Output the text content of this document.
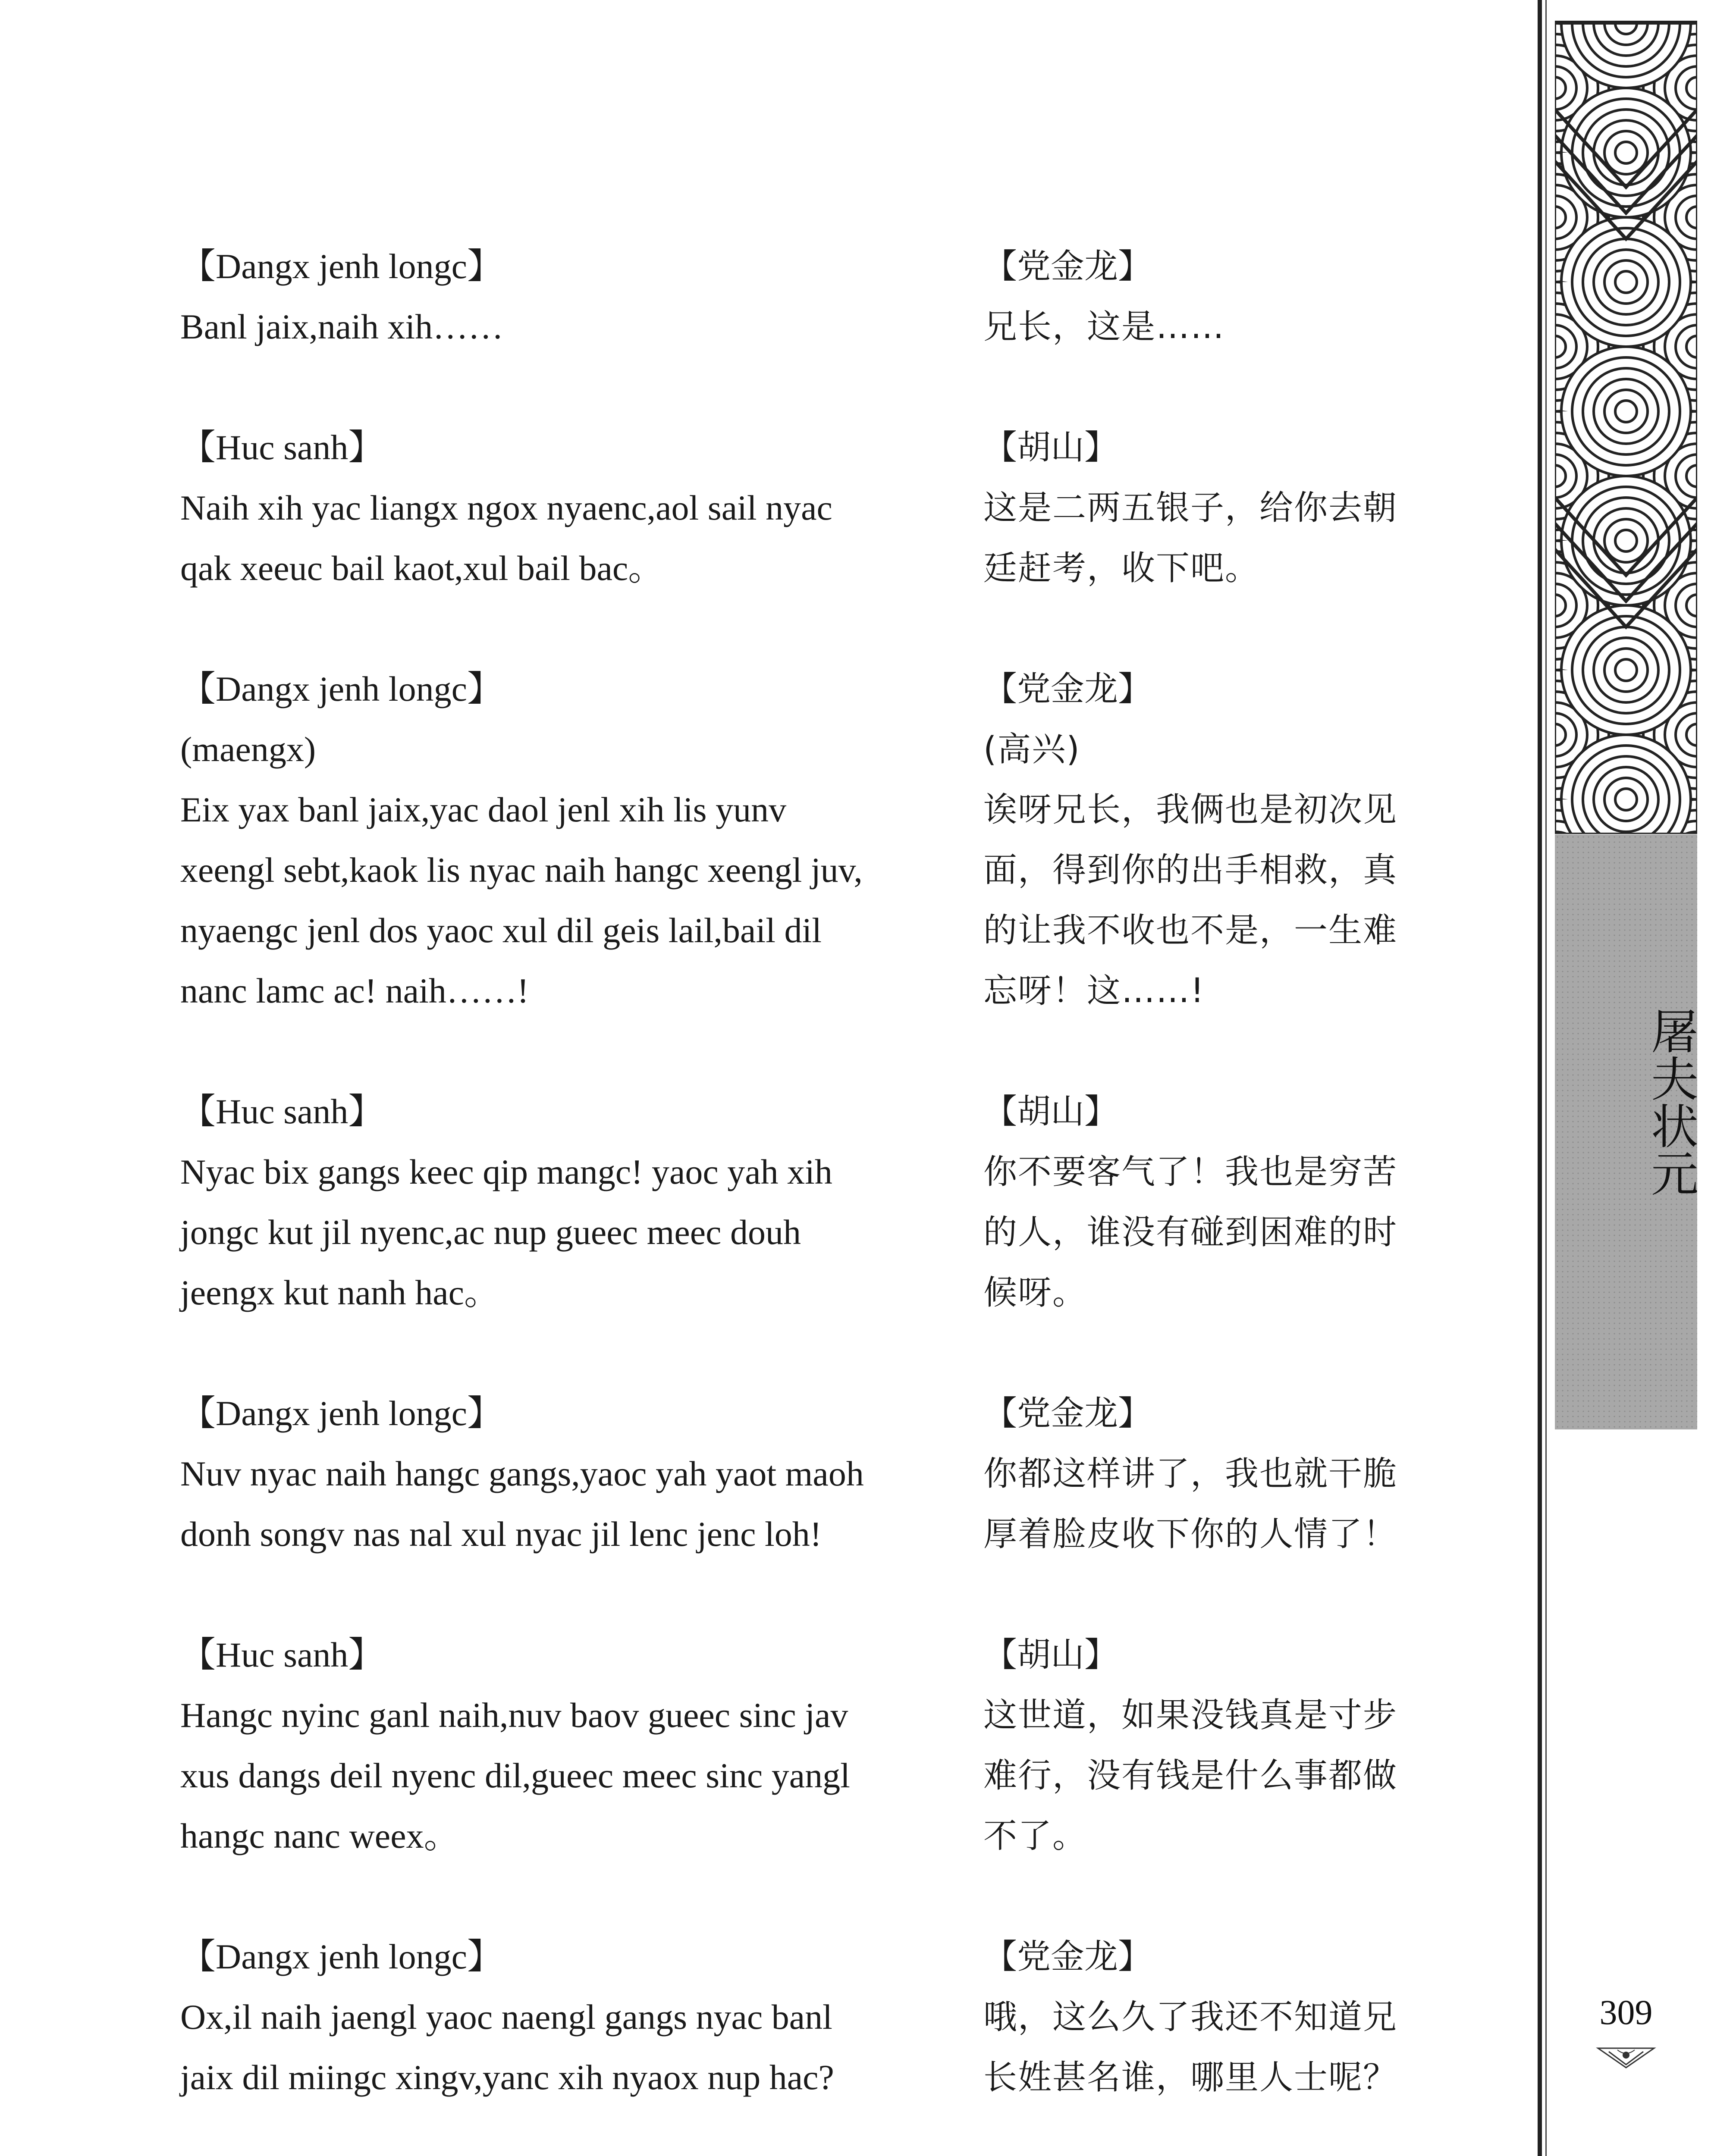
【Dangx jenh longc】
Banl jaix,naih xih……
【Huc sanh】
Naih xih yac liangx ngox nyaenc,aol sail nyac
qak xeeuc bail kaot,xul bail bac。
【Dangx jenh longc】
(maengx)
Eix yax banl jaix,yac daol jenl xih lis yunv
xeengl sebt,kaok lis nyac naih hangc xeengl juv,
nyaengc jenl dos yaoc xul dil geis lail,bail dil
nanc lamc ac! naih……!
【Huc sanh】
Nyac bix gangs keec qip mangc! yaoc yah xih
jongc kut jil nyenc,ac nup gueec meec douh
jeengx kut nanh hac。
【Dangx jenh longc】
Nuv nyac naih hangc gangs,yaoc yah yaot maoh
donh songv nas nal xul nyac jil lenc jenc loh!
【Huc sanh】
Hangc nyinc ganl naih,nuv baov gueec sinc jav
xus dangs deil nyenc dil,gueec meec sinc yangl
hangc nanc weex。
【Dangx jenh longc】
Ox,il naih jaengl yaoc naengl gangs nyac banl
jaix dil miingc xingv,yanc xih nyaox nup hac?
【党金龙】
兄长，这是……
【胡山】
这是二两五银子，给你去朝
廷赶考，收下吧。
【党金龙】
(高兴)
诶呀兄长，我俩也是初次见
面，得到你的出手相救，真
的让我不收也不是，一生难
忘呀！这……!
【胡山】
你不要客气了！我也是穷苦
的人，谁没有碰到困难的时
候呀。
【党金龙】
你都这样讲了，我也就干脆
厚着脸皮收下你的人情了！
【胡山】
这世道，如果没钱真是寸步
难行，没有钱是什么事都做
不了。
【党金龙】
哦，这么久了我还不知道兄
长姓甚名谁，哪里人士呢？
屠夫状元
309
